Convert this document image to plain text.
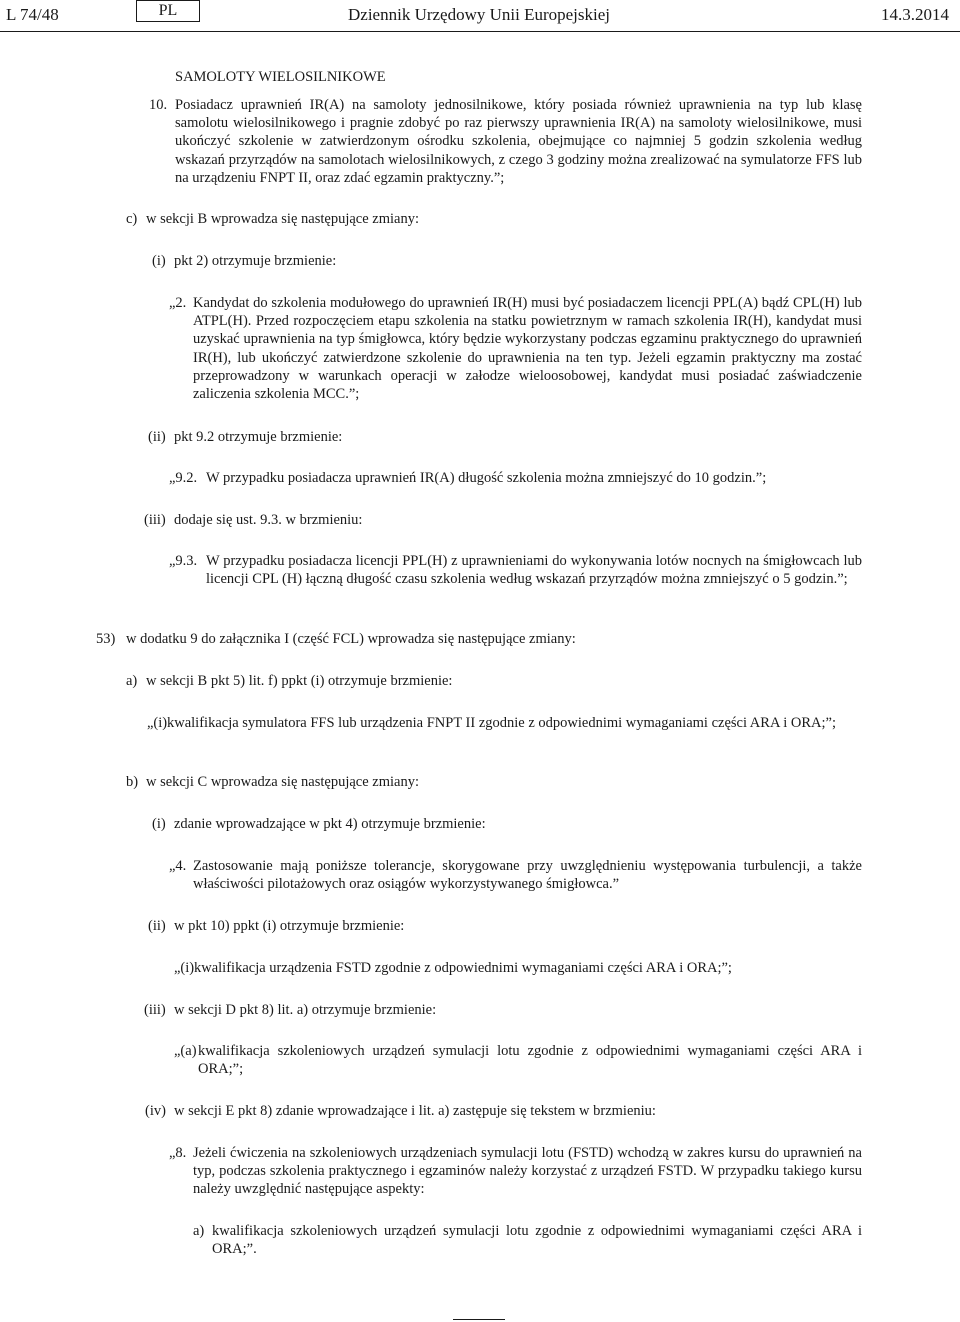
L 74/48	PL	Dziennik Urzędowy Unii Europejskiej	14.3.2014
SAMOLOTY WIELOSILNIKOWE
10. Posiadacz uprawnień IR(A) na samoloty jednosilnikowe, który posiada również uprawnienia na typ lub klasę samolotu wielosilnikowego i pragnie zdobyć po raz pierwszy uprawnienia IR(A) na samoloty wielosilnikowe, musi ukończyć szkolenie w zatwierdzonym ośrodku szkolenia, obejmujące co najmniej 5 godzin szkolenia według wskazań przyrządów na samolotach wielosilnikowych, z czego 3 godziny można zrealizować na symulatorze FFS lub na urządzeniu FNPT II, oraz zdać egzamin praktyczny.”;
c) w sekcji B wprowadza się następujące zmiany:
(i) pkt 2) otrzymuje brzmienie:
„2. Kandydat do szkolenia modułowego do uprawnień IR(H) musi być posiadaczem licencji PPL(A) bądź CPL(H) lub ATPL(H). Przed rozpoczęciem etapu szkolenia na statku powietrznym w ramach szkolenia IR(H), kandydat musi uzyskać uprawnienia na typ śmigłowca, który będzie wykorzystany podczas egzaminu praktycznego do uprawnień IR(H), lub ukończyć zatwierdzone szkolenie do uprawnienia na ten typ. Jeżeli egzamin praktyczny ma zostać przeprowadzony w warunkach operacji w załodze wieloosobowej, kandydat musi posiadać zaświadczenie zaliczenia szkolenia MCC.”;
(ii) pkt 9.2 otrzymuje brzmienie:
„9.2. W przypadku posiadacza uprawnień IR(A) długość szkolenia można zmniejszyć do 10 godzin.”;
(iii) dodaje się ust. 9.3. w brzmieniu:
„9.3. W przypadku posiadacza licencji PPL(H) z uprawnieniami do wykonywania lotów nocnych na śmigłowcach lub licencji CPL (H) łączną długość czasu szkolenia według wskazań przyrządów można zmniejszyć o 5 godzin.”;
53) w dodatku 9 do załącznika I (część FCL) wprowadza się następujące zmiany:
a) w sekcji B pkt 5) lit. f) ppkt (i) otrzymuje brzmienie:
„(i) kwalifikacja symulatora FFS lub urządzenia FNPT II zgodnie z odpowiednimi wymaganiami części ARA i ORA;”;
b) w sekcji C wprowadza się następujące zmiany:
(i) zdanie wprowadzające w pkt 4) otrzymuje brzmienie:
„4. Zastosowanie mają poniższe tolerancje, skorygowane przy uwzględnieniu występowania turbulencji, a także właściwości pilotażowych oraz osiągów wykorzystywanego śmigłowca.”
(ii) w pkt 10) ppkt (i) otrzymuje brzmienie:
„(i) kwalifikacja urządzenia FSTD zgodnie z odpowiednimi wymaganiami części ARA i ORA;”;
(iii) w sekcji D pkt 8) lit. a) otrzymuje brzmienie:
„(a) kwalifikacja szkoleniowych urządzeń symulacji lotu zgodnie z odpowiednimi wymaganiami części ARA i ORA;”;
(iv) w sekcji E pkt 8) zdanie wprowadzające i lit. a) zastępuje się tekstem w brzmieniu:
„8. Jeżeli ćwiczenia na szkoleniowych urządzeniach symulacji lotu (FSTD) wchodzą w zakres kursu do uprawnień na typ, podczas szkolenia praktycznego i egzaminów należy korzystać z urządzeń FSTD. W przypadku takiego kursu należy uwzględnić następujące aspekty:
a) kwalifikacja szkoleniowych urządzeń symulacji lotu zgodnie z odpowiednimi wymaganiami części ARA i ORA;”.
